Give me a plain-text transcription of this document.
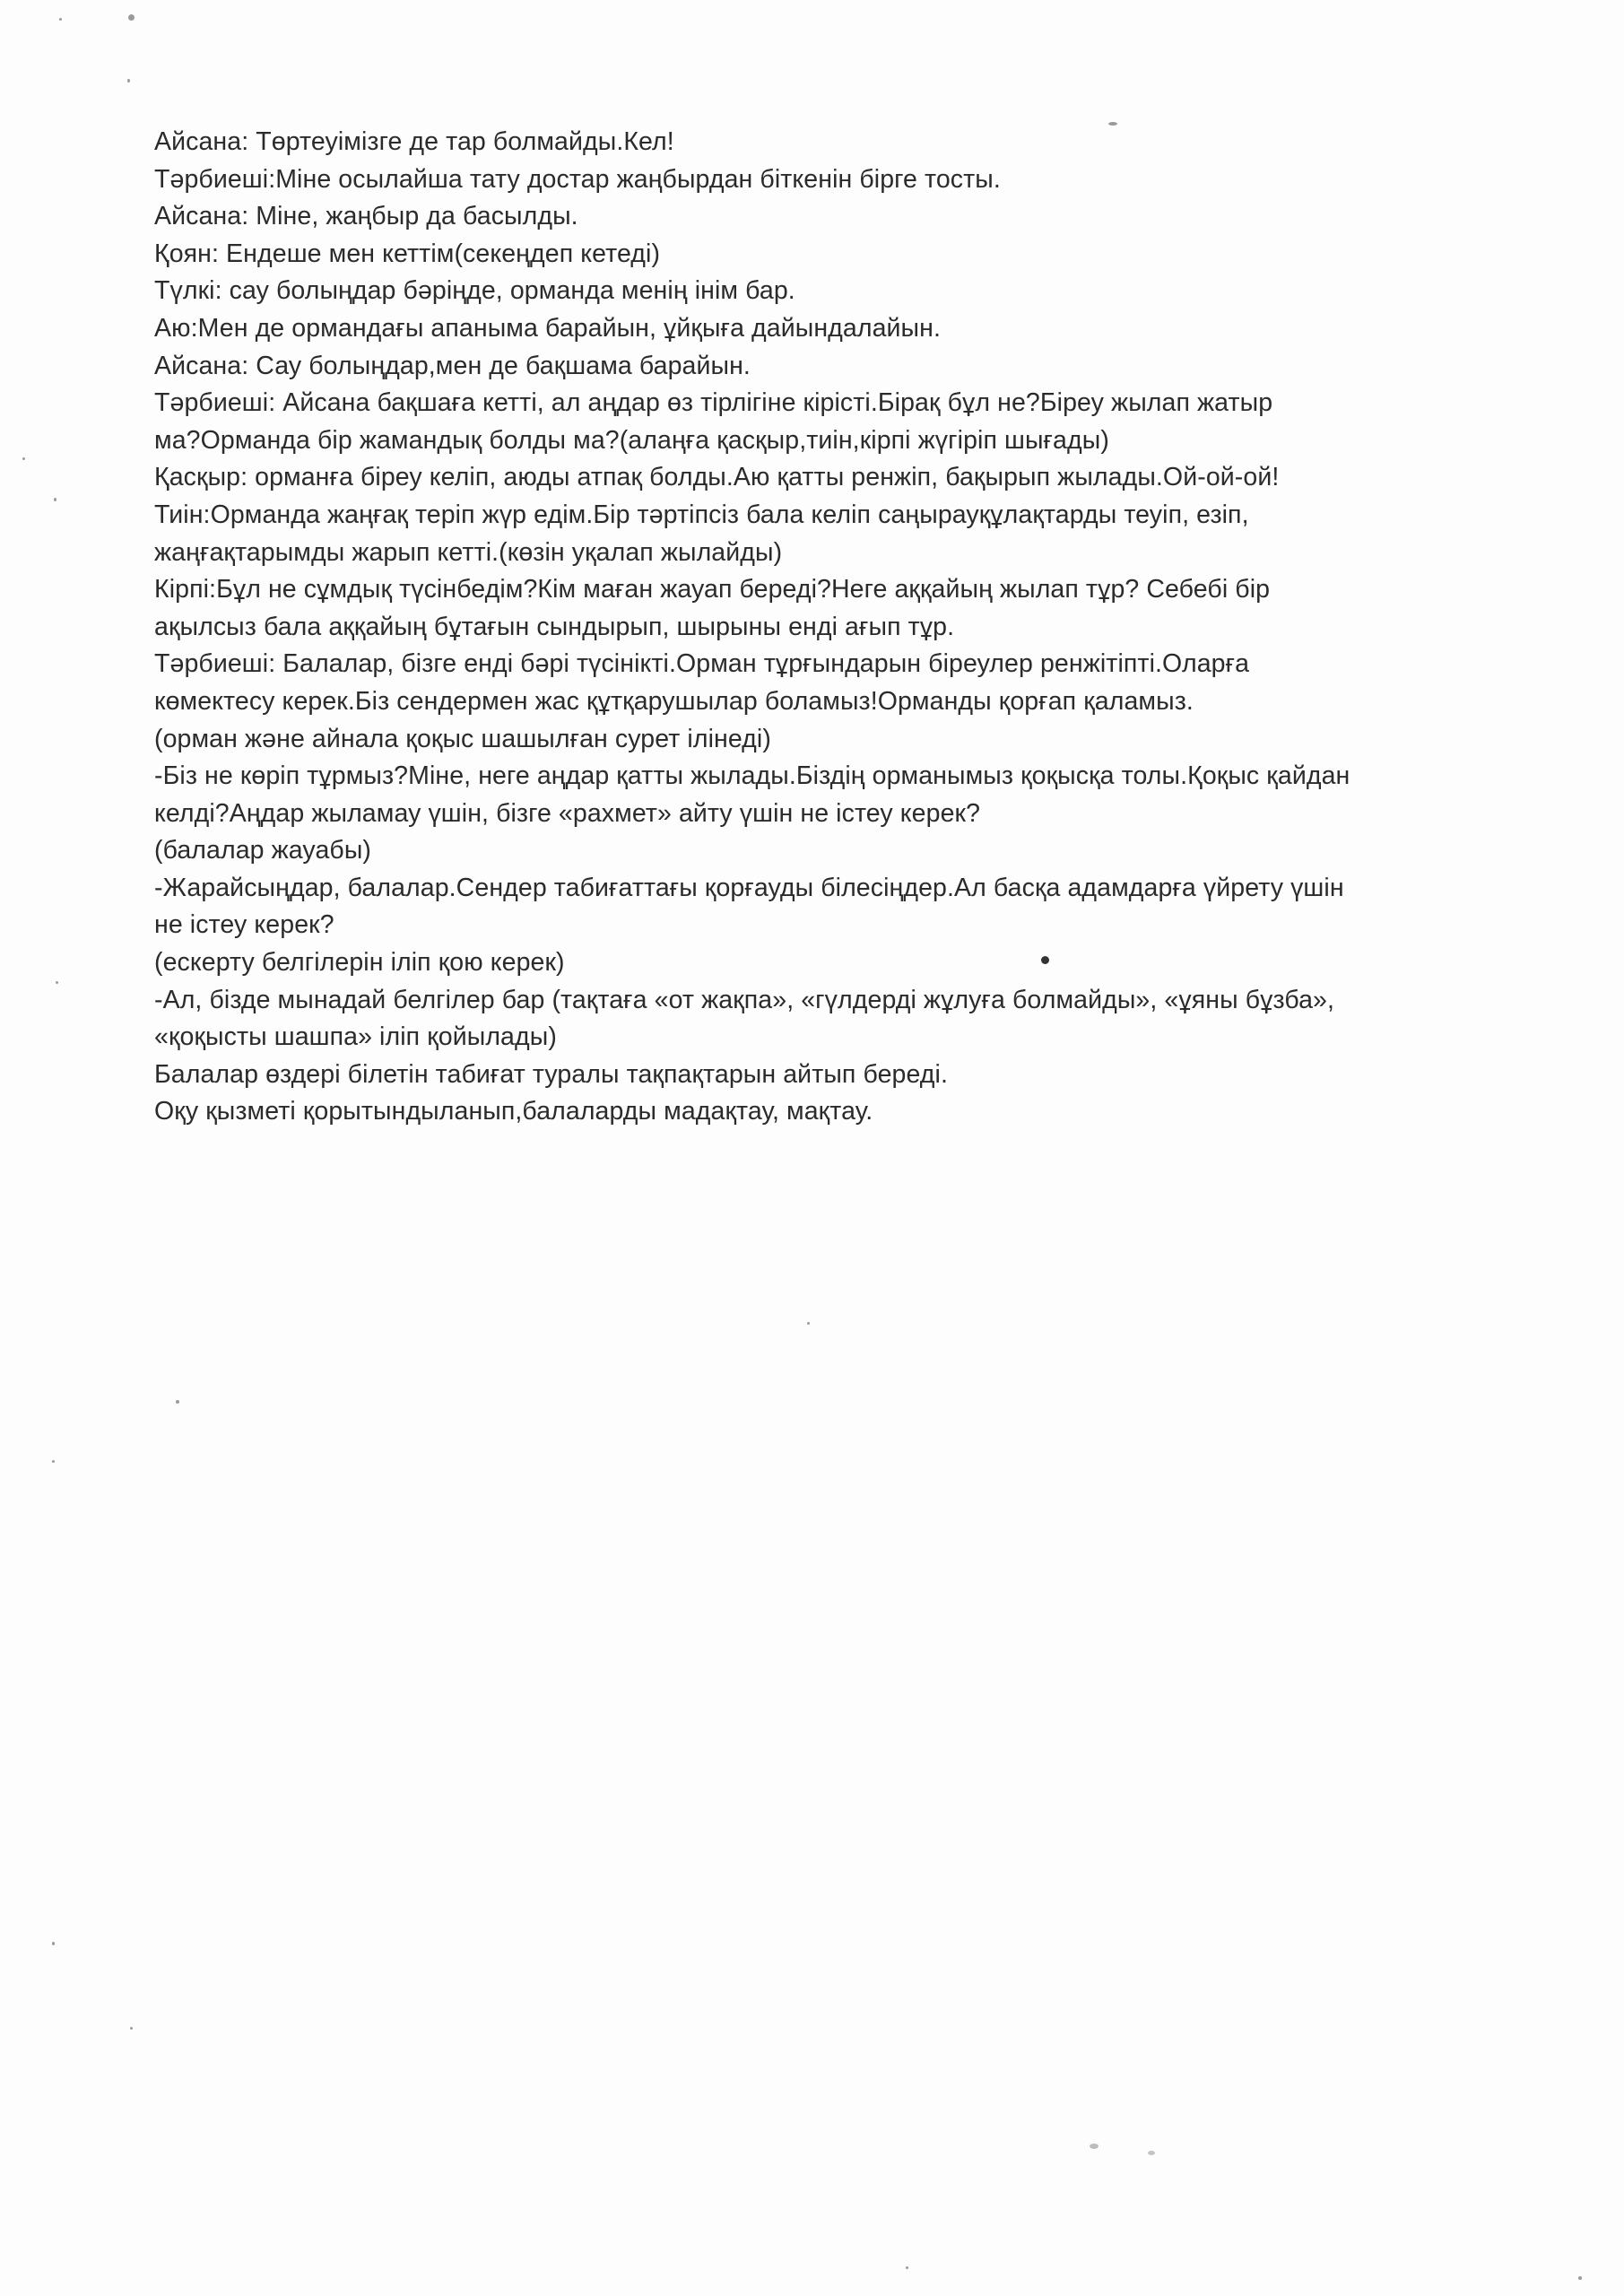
Айсана: Төртеуімізге де тар болмайды.Кел!
Тәрбиеші:Міне осылайша тату достар жаңбырдан біткенін бірге тосты.
Айсана: Міне, жаңбыр да басылды.
Қоян: Ендеше мен кеттім(секеңдеп кетеді)
Түлкі: сау болыңдар бәріңде, орманда менің інім бар.
Аю:Мен де ормандағы апаныма барайын, ұйқыға дайындалайын.
Айсана: Сау болыңдар,мен де бақшама барайын.
Тәрбиеші: Айсана бақшаға кетті, ал аңдар өз тірлігіне кірісті.Бірақ бұл не?Біреу жылап жатыр
ма?Орманда бір жамандық болды ма?(алаңға қасқыр,тиін,кірпі жүгіріп шығады)
Қасқыр: орманға біреу келіп, аюды атпақ болды.Аю қатты ренжіп, бақырып жылады.Ой-ой-ой!
Тиін:Орманда жаңғақ теріп жүр едім.Бір тәртіпсіз бала келіп саңырауқұлақтарды теуіп, езіп,
жаңғақтарымды жарып кетті.(көзін уқалап жылайды)
Кірпі:Бұл не сұмдық түсінбедім?Кім маған жауап береді?Неге аққайың жылап тұр? Себебі бір
ақылсыз бала аққайың бұтағын сындырып, шырыны енді ағып тұр.
Тәрбиеші: Балалар, бізге енді бәрі түсінікті.Орман тұрғындарын біреулер ренжітіпті.Оларға
көмектесу керек.Біз сендермен жас құтқарушылар боламыз!Орманды қорғап қаламыз.
(орман және айнала қоқыс шашылған сурет ілінеді)
-Біз не көріп тұрмыз?Міне, неге аңдар қатты жылады.Біздің орманымыз қоқысқа толы.Қоқыс қайдан
келді?Аңдар жыламау үшін, бізге «рахмет» айту үшін не істеу керек?
(балалар жауабы)
-Жарайсыңдар, балалар.Сендер табиғаттағы қорғауды білесіңдер.Ал басқа адамдарға үйрету үшін
не істеу керек?
(ескерту белгілерін іліп қою керек)
-Ал, бізде мынадай белгілер бар (тақтаға «от жақпа», «гүлдерді жұлуға болмайды», «ұяны бұзба»,
«қоқысты шашпа» іліп қойылады)
Балалар өздері білетін табиғат туралы тақпақтарын айтып береді.
Оқу қызметі қорытындыланып,балаларды мадақтау, мақтау.
